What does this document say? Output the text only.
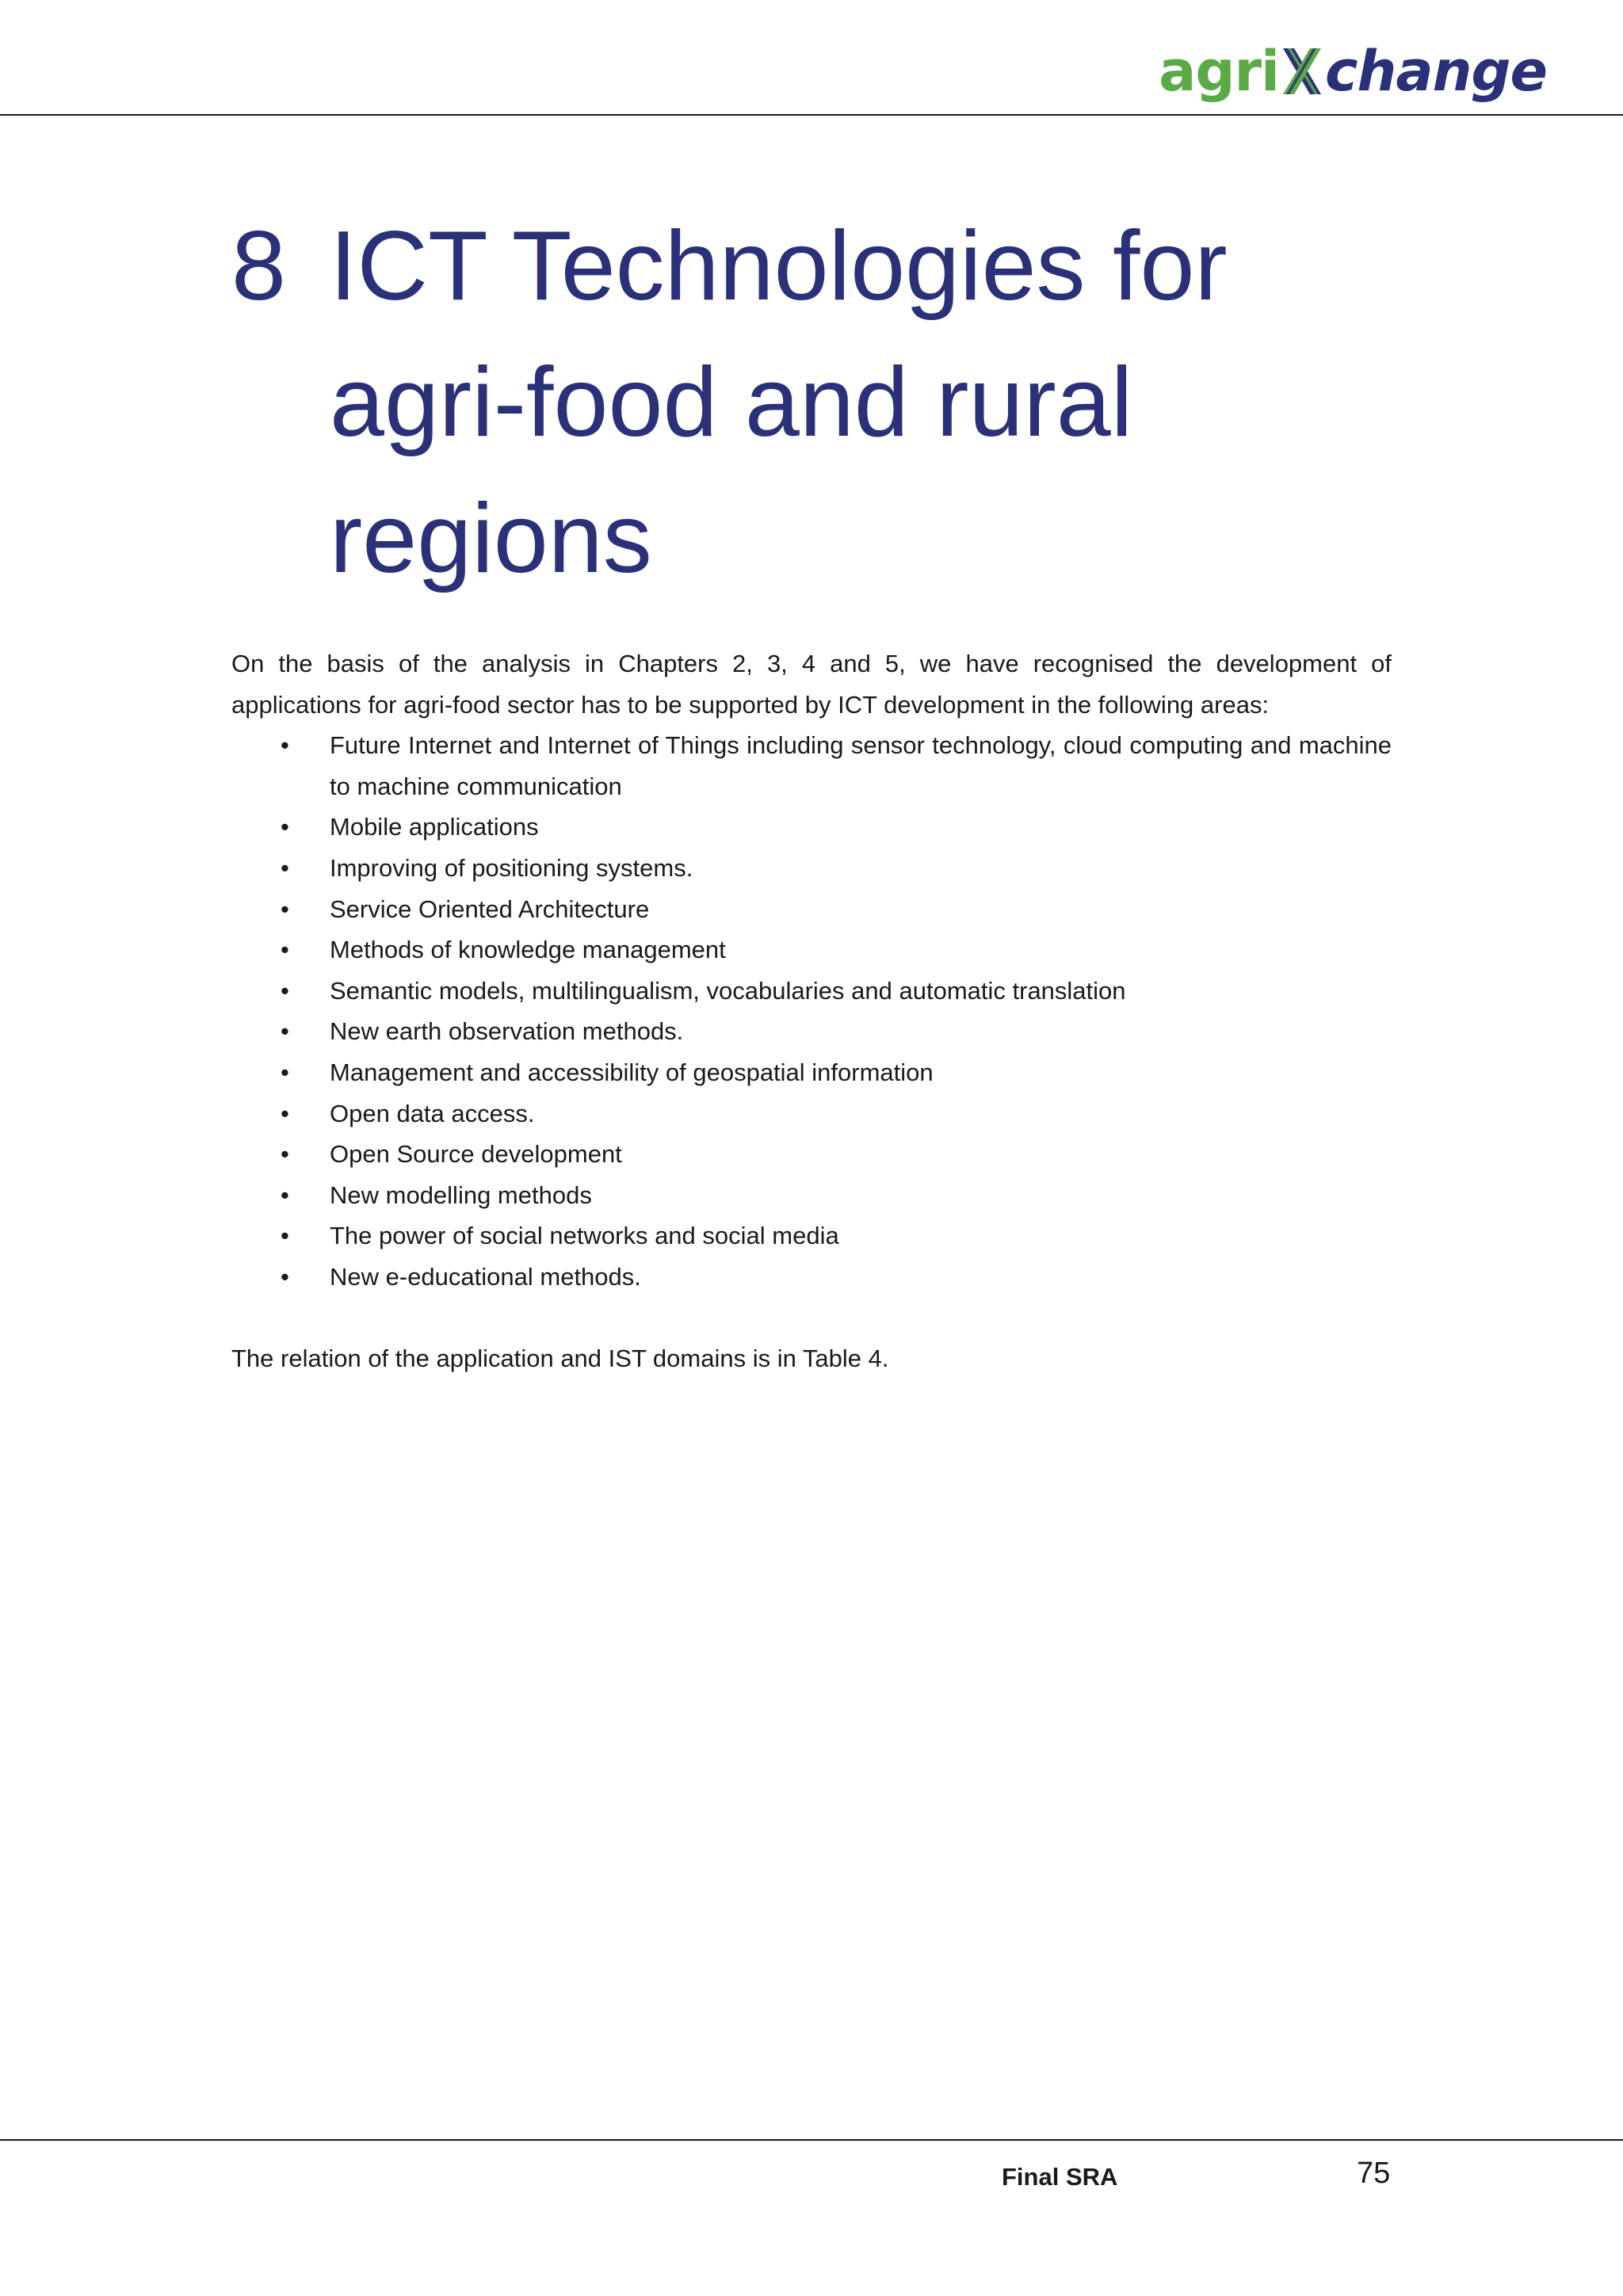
agri change
8 ICT Technologies for agri-food and rural regions

On the basis of the analysis in Chapters 2, 3, 4 and 5, we have recognised the development of applications for agri-food sector has to be supported by ICT development in the following areas:

• Future Internet and Internet of Things including sensor technology, cloud computing and machine to machine communication
• Mobile applications
• Improving of positioning systems.
• Service Oriented Architecture
• Methods of knowledge management
• Semantic models, multilingualism, vocabularies and automatic translation
• New earth observation methods.
• Management and accessibility of geospatial information
• Open data access.
• Open Source development
• New modelling methods
• The power of social networks and social media
• New e-educational methods.

The relation of the application and IST domains is in Table 4.

Final SRA	75
